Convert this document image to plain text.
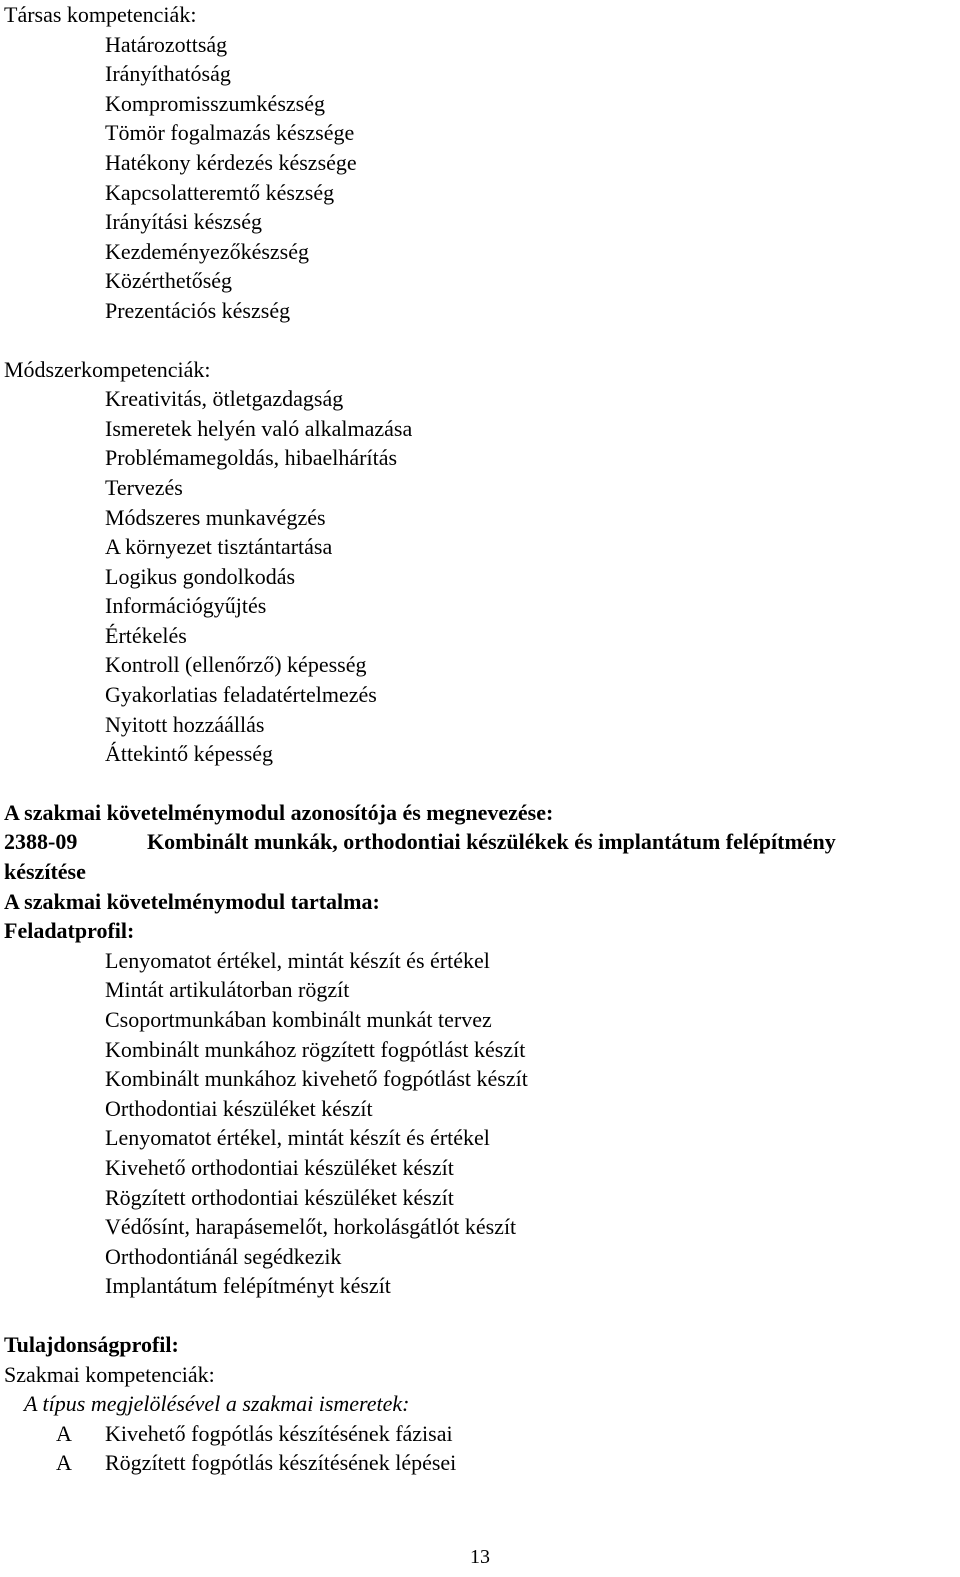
Társas kompetenciák:
Határozottság
Irányíthatóság
Kompromisszumkészség
Tömör fogalmazás készsége
Hatékony kérdezés készsége
Kapcsolatteremtő készség
Irányítási készség
Kezdeményezőkészség
Közérthetőség
Prezentációs készség
Módszerkompetenciák:
Kreativitás, ötletgazdagság
Ismeretek helyén való alkalmazása
Problémamegoldás, hibaelhárítás
Tervezés
Módszeres munkavégzés
A környezet tisztántartása
Logikus gondolkodás
Információgyűjtés
Értékelés
Kontroll (ellenőrző) képesség
Gyakorlatias feladatértelmezés
Nyitott hozzáállás
Áttekintő képesség
A szakmai követelménymodul azonosítója és megnevezése:
2388-09	Kombinált munkák, orthodontiai készülékek és implantátum felépítmény
készítése
A szakmai követelménymodul tartalma:
Feladatprofil:
Lenyomatot értékel, mintát készít és értékel
Mintát artikulátorban rögzít
Csoportmunkában kombinált munkát tervez
Kombinált munkához rögzített fogpótlást készít
Kombinált munkához kivehető fogpótlást készít
Orthodontiai készüléket készít
Lenyomatot értékel, mintát készít és értékel
Kivehető orthodontiai készüléket készít
Rögzített orthodontiai készüléket készít
Védősínt, harapásemelőt, horkolásgátlót készít
Orthodontiánál segédkezik
Implantátum felépítményt készít
Tulajdonságprofil:
Szakmai kompetenciák:
A típus megjelölésével a szakmai ismeretek:
A	Kivehető fogpótlás készítésének fázisai
A	Rögzített fogpótlás készítésének lépései
13
